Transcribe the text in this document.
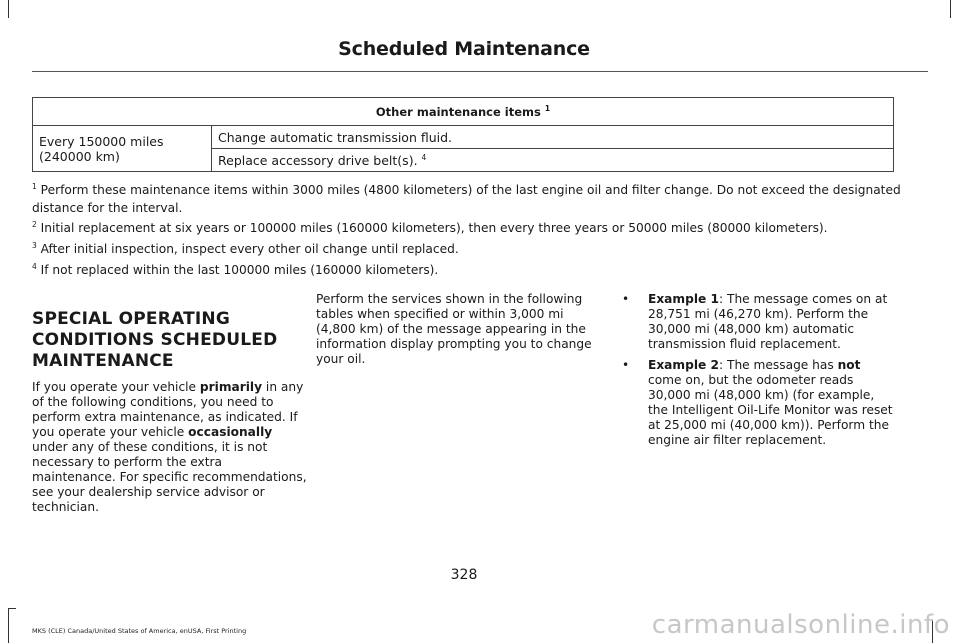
Scheduled Maintenance
Other maintenance items $^1$

Every 150000 miles
(240000 km)
	Change automatic transmission fluid.
Replace accessory drive belt(s). $^4$
$^1$ Perform these maintenance items within 3000 miles (4800 kilometers) of the last engine oil and filter change. Do not exceed the designated distance for the interval.
$^2$ Initial replacement at six years or 100000 miles (160000 kilometers), then every three years or 50000 miles (80000 kilometers).
$^3$ After initial inspection, inspect every other oil change until replaced.
$^4$ If not replaced within the last 100000 miles (160000 kilometers).
SPECIAL OPERATING CONDITIONS SCHEDULED MAINTENANCE
If you operate your vehicle primarily in any of the following conditions, you need to perform extra maintenance, as indicated. If you operate your vehicle occasionally under any of these conditions, it is not necessary to perform the extra maintenance. For specific recommendations, see your dealership service advisor or technician.
Perform the services shown in the following tables when specified or within 3,000 mi (4,800 km) of the message appearing in the information display prompting you to change your oil.
• Example 1: The message comes on at 28,751 mi (46,270 km). Perform the 30,000 mi (48,000 km) automatic transmission fluid replacement.
• Example 2: The message has not come on, but the odometer reads 30,000 mi (48,000 km) (for example, the Intelligent Oil-Life Monitor was reset at 25,000 mi (40,000 km)). Perform the engine air filter replacement.
328
MKS (CLE) Canada/United States of America, enUSA, First Printing	carmanualsonline.info
